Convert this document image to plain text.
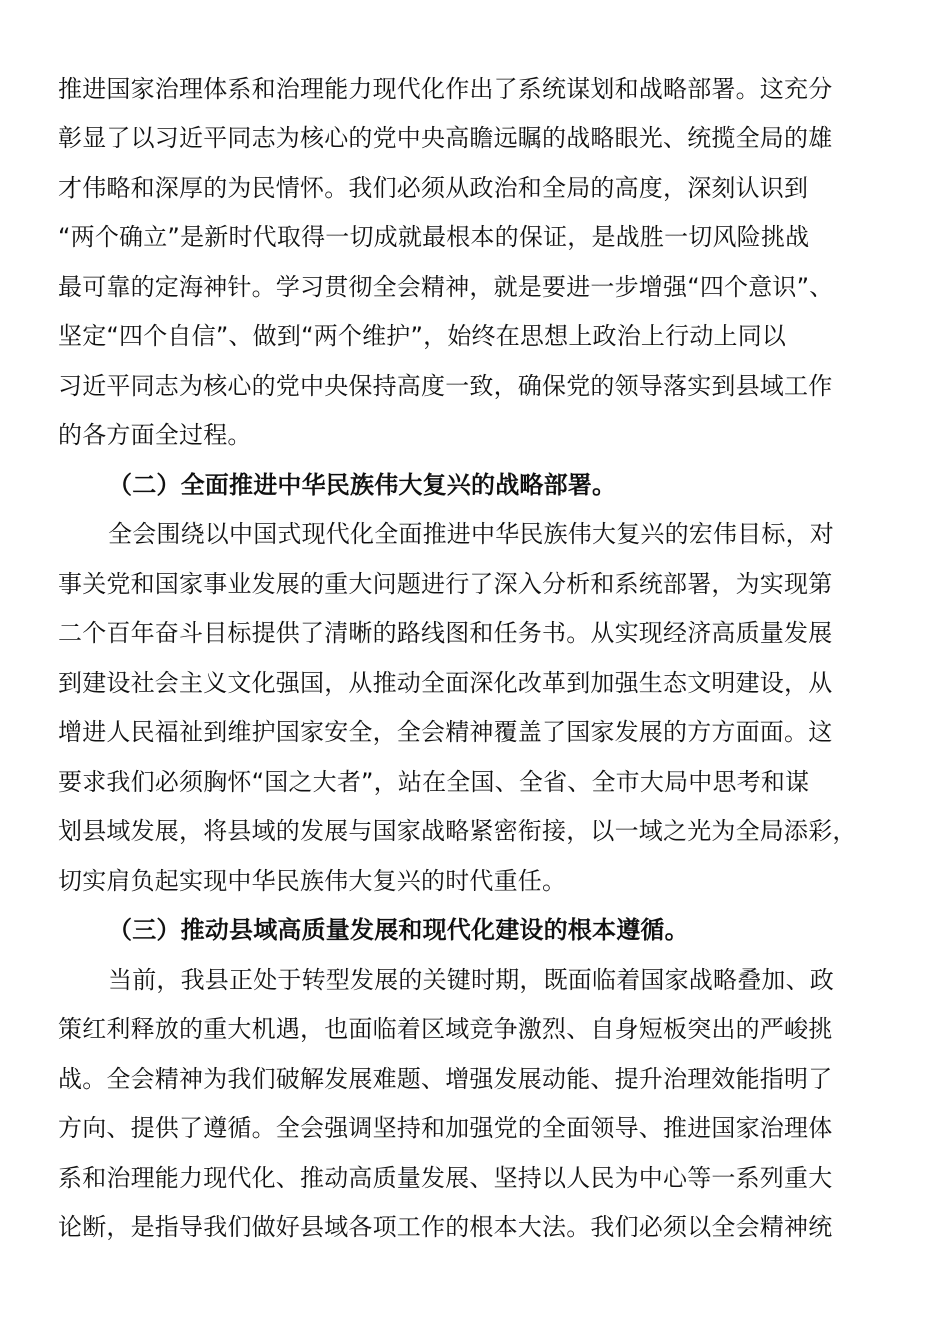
推进国家治理体系和治理能力现代化作出了系统谋划和战略部署。这充分
彰显了以习近平同志为核心的党中央高瞻远瞩的战略眼光、统揽全局的雄
才伟略和深厚的为民情怀。我们必须从政治和全局的高度，深刻认识到
“两个确立”是新时代取得一切成就最根本的保证，是战胜一切风险挑战
最可靠的定海神针。学习贯彻全会精神，就是要进一步增强“四个意识”、
坚定“四个自信”、做到“两个维护”，始终在思想上政治上行动上同以
习近平同志为核心的党中央保持高度一致，确保党的领导落实到县域工作
的各方面全过程。
（二）全面推进中华民族伟大复兴的战略部署。
全会围绕以中国式现代化全面推进中华民族伟大复兴的宏伟目标，对
事关党和国家事业发展的重大问题进行了深入分析和系统部署，为实现第
二个百年奋斗目标提供了清晰的路线图和任务书。从实现经济高质量发展
到建设社会主义文化强国，从推动全面深化改革到加强生态文明建设，从
增进人民福祉到维护国家安全，全会精神覆盖了国家发展的方方面面。这
要求我们必须胸怀“国之大者”，站在全国、全省、全市大局中思考和谋
划县域发展，将县域的发展与国家战略紧密衔接，以一域之光为全局添彩，
切实肩负起实现中华民族伟大复兴的时代重任。
（三）推动县域高质量发展和现代化建设的根本遵循。
当前，我县正处于转型发展的关键时期，既面临着国家战略叠加、政
策红利释放的重大机遇，也面临着区域竞争激烈、自身短板突出的严峻挑
战。全会精神为我们破解发展难题、增强发展动能、提升治理效能指明了
方向、提供了遵循。全会强调坚持和加强党的全面领导、推进国家治理体
系和治理能力现代化、推动高质量发展、坚持以人民为中心等一系列重大
论断，是指导我们做好县域各项工作的根本大法。我们必须以全会精神统
